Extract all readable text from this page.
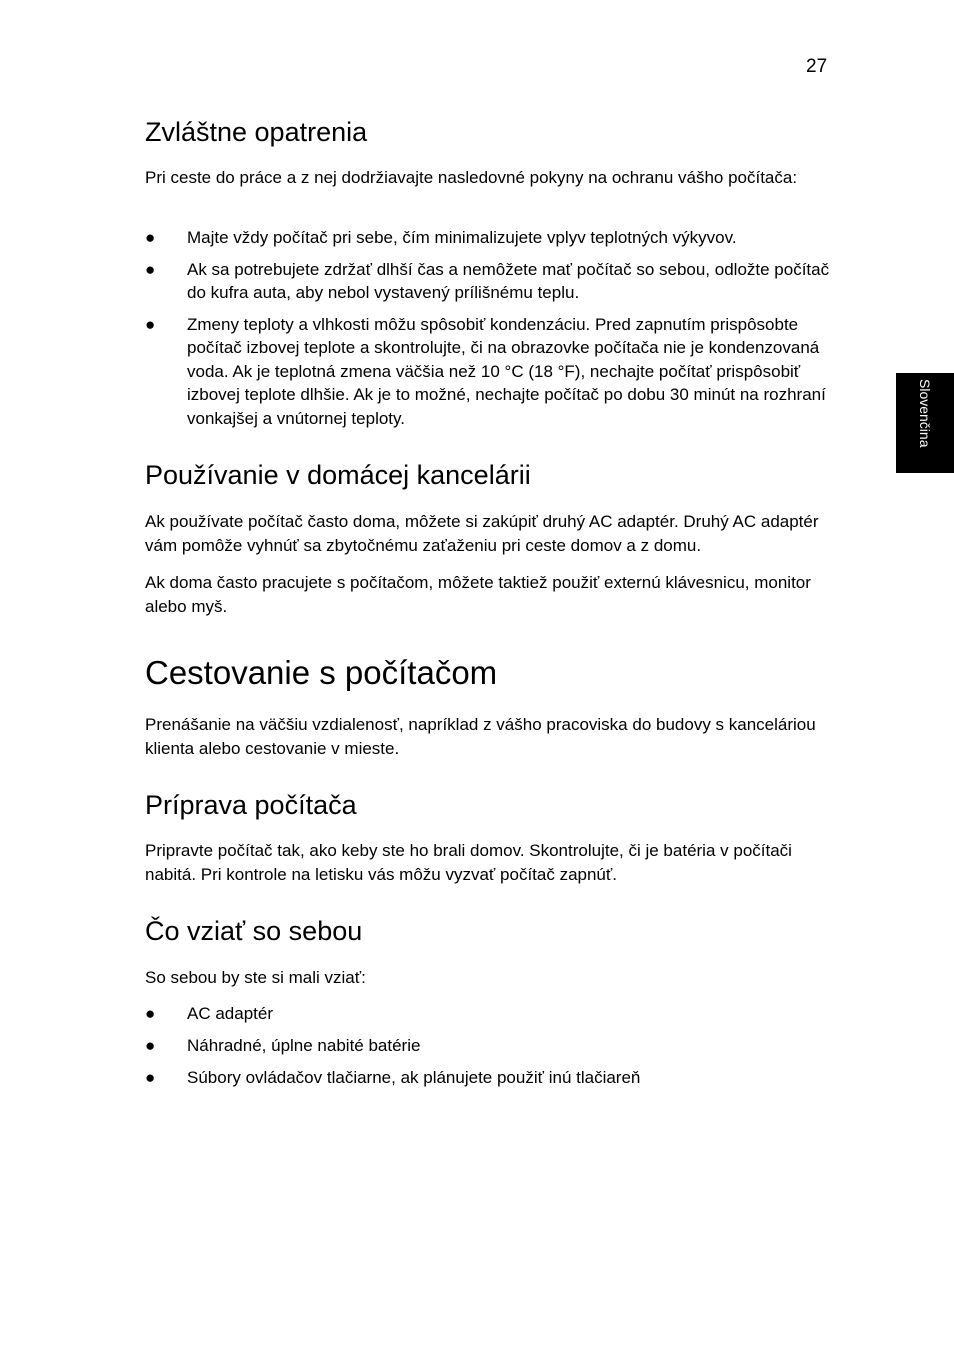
27
Slovenčina
Zvláštne opatrenia

Pri ceste do práce a z nej dodržiavajte nasledovné pokyny na ochranu vášho počítača:

● Majte vždy počítač pri sebe, čím minimalizujete vplyv teplotných výkyvov.
● Ak sa potrebujete zdržať dlhší čas a nemôžete mať počítač so sebou, odložte počítač do kufra auta, aby nebol vystavený prílišnému teplu.
● Zmeny teploty a vlhkosti môžu spôsobiť kondenzáciu. Pred zapnutím prispôsobte počítač izbovej teplote a skontrolujte, či na obrazovke počítača nie je kondenzovaná voda. Ak je teplotná zmena väčšia než 10 °C (18 °F), nechajte počítať prispôsobiť izbovej teplote dlhšie. Ak je to možné, nechajte počítač po dobu 30 minút na rozhraní vonkajšej a vnútornej teploty.
Používanie v domácej kancelárii

Ak používate počítač často doma, môžete si zakúpiť druhý AC adaptér. Druhý AC adaptér vám pomôže vyhnúť sa zbytočnému zaťaženiu pri ceste domov a z domu.

Ak doma často pracujete s počítačom, môžete taktiež použiť externú klávesnicu, monitor alebo myš.

Cestovanie s počítačom

Prenášanie na väčšiu vzdialenosť, napríklad z vášho pracoviska do budovy s kanceláriou klienta alebo cestovanie v mieste.

Príprava počítača

Pripravte počítač tak, ako keby ste ho brali domov. Skontrolujte, či je batéria v počítači nabitá. Pri kontrole na letisku vás môžu vyzvať počítač zapnúť.

Čo vziať so sebou

So sebou by ste si mali vziať:

● AC adaptér
● Náhradné, úplne nabité batérie
● Súbory ovládačov tlačiarne, ak plánujete použiť inú tlačiareň
